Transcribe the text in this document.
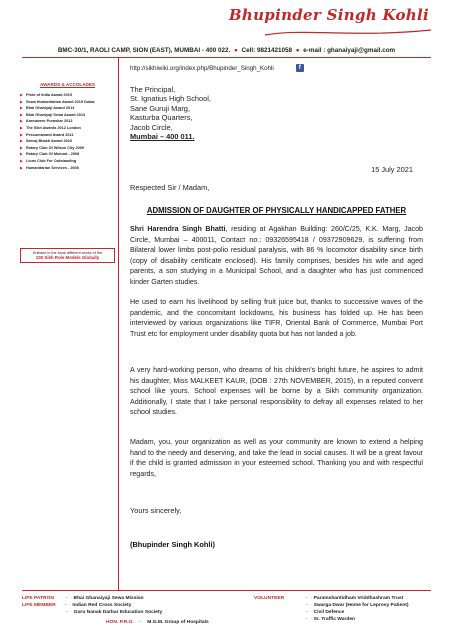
Bhupinder Singh Kohli
BMC-30/1, RAOLI CAMP, SION (EAST), MUMBAI - 400 022. ● Cell: 9821421058 ● e-mail : ghanaiyaji@gmail.com
AWARDS & ACCOLADES
▶ Pride of India Award 2019
▶ Sewa Humanitarian Award 2019 Dubai
▶ Bhai Ghaniyaji Award 2014
▶ Bhai Ghaniyaji Sewa Award 2013
▶ Karmaveer Puraskar 2012
▶ The Sikh Awards 2012 London
▶ Pessumanand Award 2011
▶ Sarvaj Bhakti Award 2010
▶ Rotary Club Of Wilson City 2009
▶ Rotary Club Of Mulund - 2008
▶ Lions Club For Outstanding
▶ Humanitarian Services - 2008
Enlisted in the book different works of the
100 Sikh Role Models Globally
http://sikhiwiki.org/index.php/Bhupinder_Singh_Kohli	f
The Principal,
St. Ignatius High School,
Sane Guruji Marg,
Kasturba Quarters,
Jacob Circle,
Mumbai – 400 011.
15 July 2021
Respected Sir / Madam,
ADMISSION OF DAUGHTER OF PHYSICALLY HANDICAPPED FATHER
Shri Harendra Singh Bhatti, residing at Agakhan Building: 260/C/25, K.K. Marg, Jacob Circle, Mumbai – 400011, Contact no.: 09326595418 / 09372909629, is suffering from Bilateral lower limbs post-polio residual paralysis, with 86 % locomotor disability since birth (copy of disability certificate enclosed). His family comprises, besides his wife and aged parents, a son studying in a Municipal School, and a daughter who has just commenced kinder Garten studies.
He used to earn his livelihood by selling fruit juice but, thanks to successive waves of the pandemic, and the concomitant lockdowns, his business has folded up. He has been interviewed by various organizations like TIFR, Oriental Bank of Commerce, Mumbai Port Trust etc for employment under disability quota but has not landed a job.
A very hard-working person, who dreams of his children's bright future, he aspires to admit his daughter, Miss MALKEET KAUR, (DOB : 27th NOVEMBER, 2015), in a reputed convent school like yours. School expenses will be borne by a Sikh community organization. Additionally, I state that I take personal responsibility to defray all expenses related to her school studies.
Madam, you, your organization as well as your community are known to extend a helping hand to the needy and deserving, and take the lead in social causes. It will be a great favour if the child is granted admission in your esteemed school. Thanking you and with respectful regards,
Yours sincerely,
(Bhupinder Singh Kohli)
LIFE PATRON - Bhai Ghanaiyaji Sewa Mission
LIFE MEMBER - Indian Red Cross Society
- Guru Nanak Darbar Education Society
HON. P.R.O. - M.G.M. Group of Hospitals
VOLUNTEER	- Paramshantidham Vriddhashram Trust
- Swarga Dwar (Home for Leprosy Patient)
- Civil Defence
- Sr. Traffic Warden
